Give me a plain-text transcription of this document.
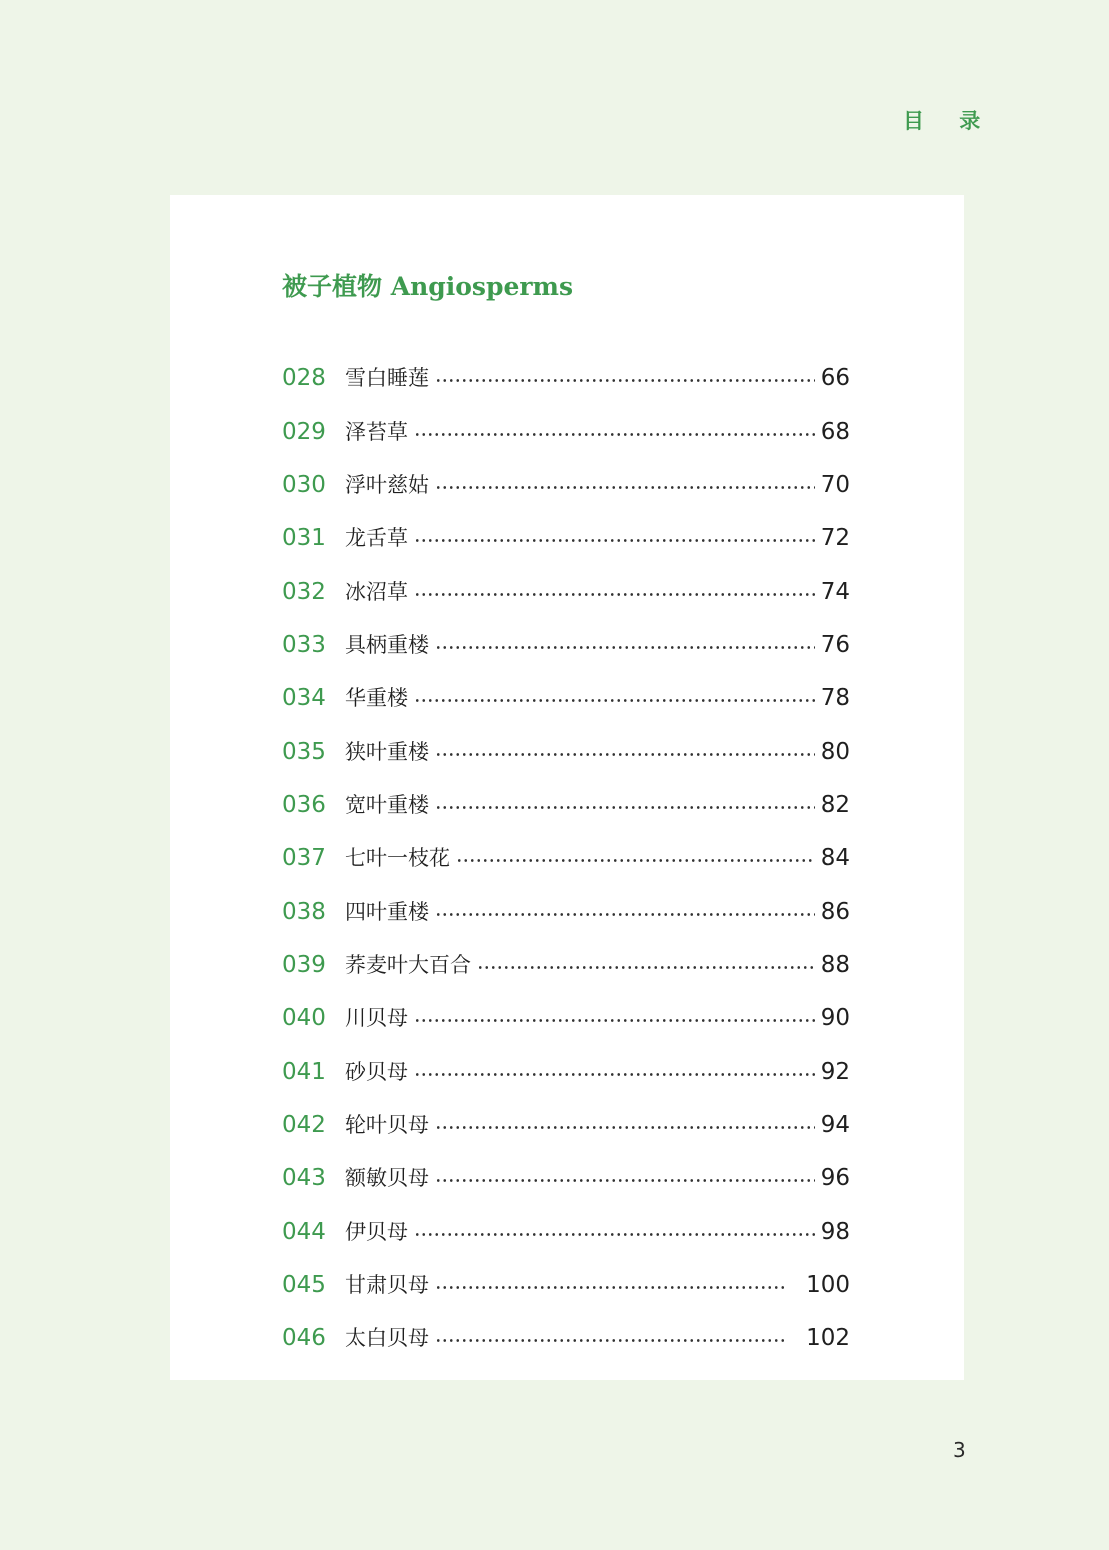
目 录
被子植物 Angiosperms
028 雪白睡莲	66
029 泽苔草	68
030 浮叶慈姑	70
031 龙舌草	72
032 冰沼草	74
033 具柄重楼	76
034 华重楼	78
035 狭叶重楼	80
036 宽叶重楼	82
037 七叶一枝花	84
038 四叶重楼	86
039 荞麦叶大百合	88
040 川贝母	90
041 砂贝母	92
042 轮叶贝母	94
043 额敏贝母	96
044 伊贝母	98
045 甘肃贝母	100
046 太白贝母	102
3
